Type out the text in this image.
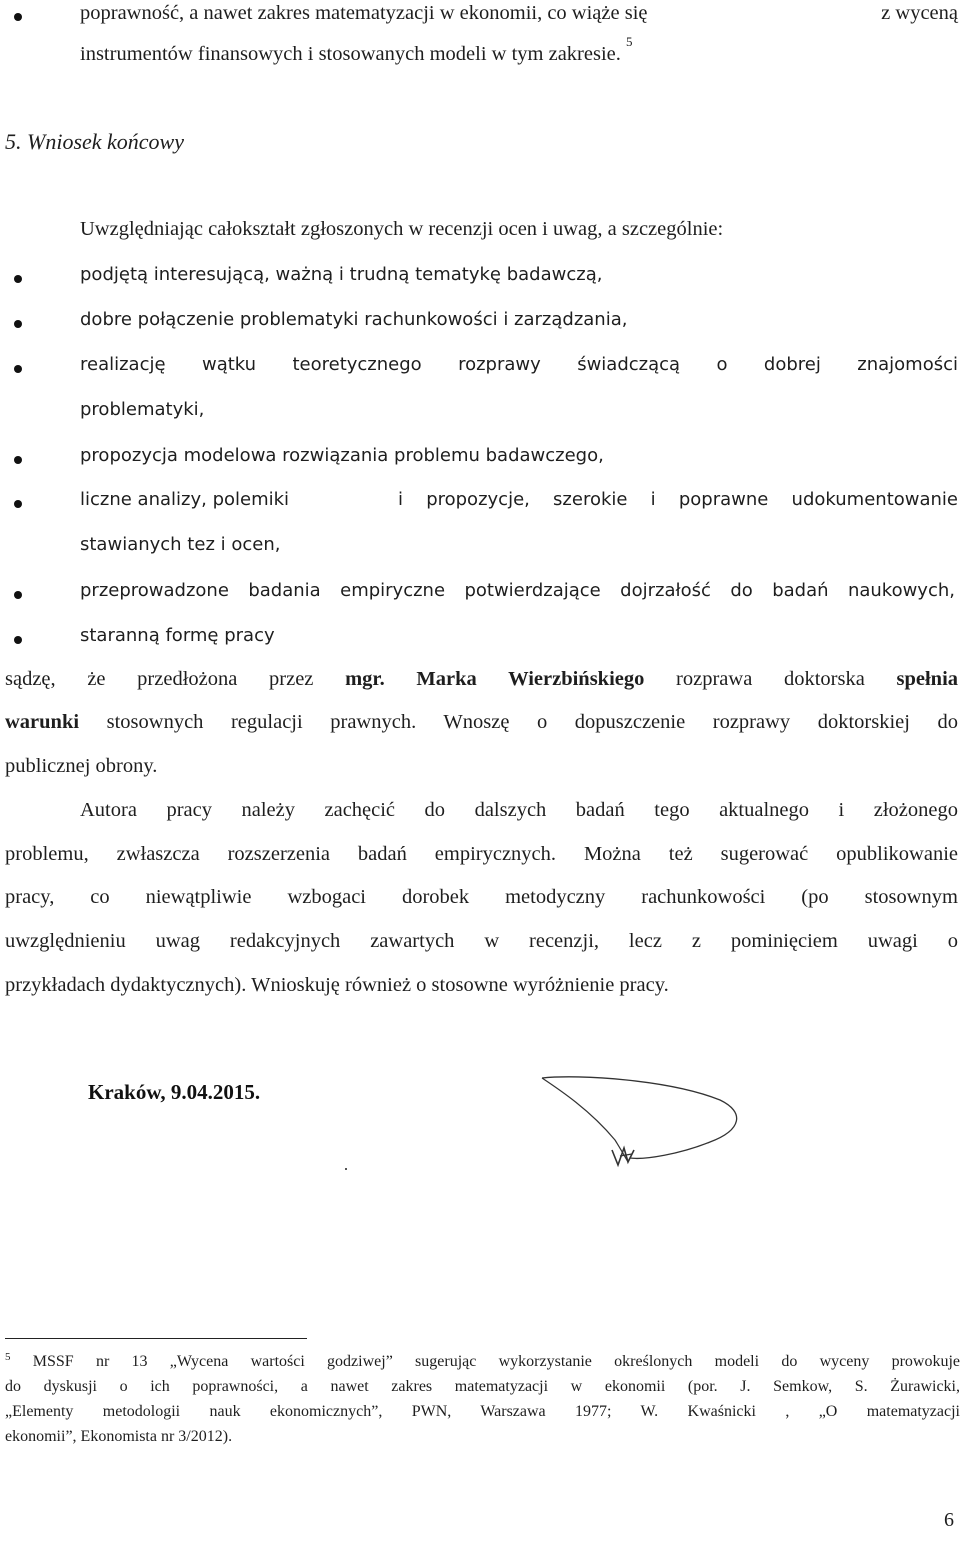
poprawność, a nawet zakres matematyzacji w ekonomii, co wiąże się	z wyceną
instrumentów finansowych i stosowanych modeli w tym zakresie. $^5$
5. Wniosek końcowy
Uwzględniając całokształt zgłoszonych w recenzji ocen i uwag, a szczególnie:
podjętą interesującą, ważną i trudną tematykę badawczą,
dobre połączenie problematyki rachunkowości i zarządzania,
realizację wątku teoretycznego rozprawy świadczącą o dobrej znajomości
problematyki,
propozycja modelowa rozwiązania problemu badawczego,
liczne analizy, polemiki	i propozycje, szerokie i poprawne udokumentowanie
stawianych tez i ocen,
przeprowadzone badania empiryczne potwierdzające dojrzałość do badań naukowych,
staranną formę pracy
sądzę, że przedłożona przez mgr. Marka Wierzbińskiego rozprawa doktorska spełnia
warunki stosownych regulacji prawnych. Wnoszę o dopuszczenie rozprawy doktorskiej do
publicznej obrony.
Autora pracy należy zachęcić do dalszych badań tego aktualnego i złożonego
problemu, zwłaszcza rozszerzenia badań empirycznych. Można też sugerować opublikowanie
pracy, co niewątpliwie wzbogaci dorobek metodyczny rachunkowości (po stosownym
uwzględnieniu uwag redakcyjnych zawartych w recenzji, lecz z pominięciem uwagi o
przykładach dydaktycznych). Wnioskuję również o stosowne wyróżnienie pracy.
Kraków, 9.04.2015.
$^5$ MSSF nr 13 „Wycena wartości godziwej” sugerując wykorzystanie określonych modeli do wyceny prowokuje
do dyskusji o ich poprawności, a nawet zakres matematyzacji w ekonomii (por. J. Semkow, S. Żurawicki,
„Elementy metodologii nauk ekonomicznych”, PWN, Warszawa 1977; W. Kwaśnicki , „O matematyzacji
ekonomii”, Ekonomista nr 3/2012).
6
